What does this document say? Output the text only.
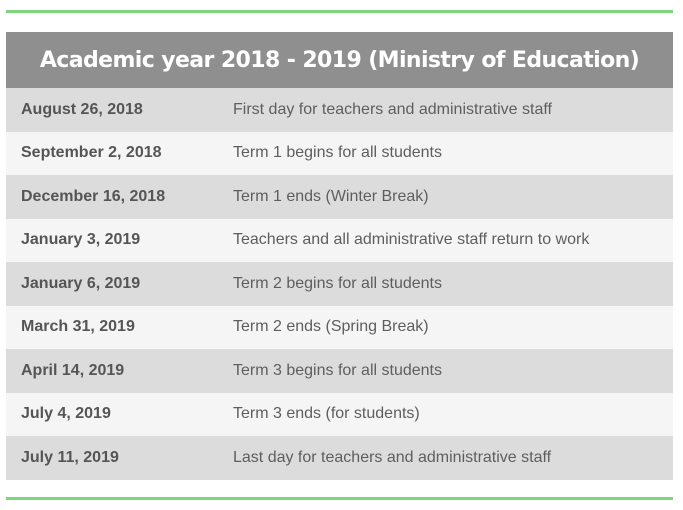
Academic year 2018 - 2019 (Ministry of Education)
August 26, 2018	First day for teachers and administrative staff
September 2, 2018	Term 1 begins for all students
December 16, 2018	Term 1 ends (Winter Break)
January 3, 2019	Teachers and all administrative staff return to work
January 6, 2019	Term 2 begins for all students
March 31, 2019	Term 2 ends (Spring Break)
April 14, 2019	Term 3 begins for all students
July 4, 2019	Term 3 ends (for students)
July 11, 2019	Last day for teachers and administrative staff
